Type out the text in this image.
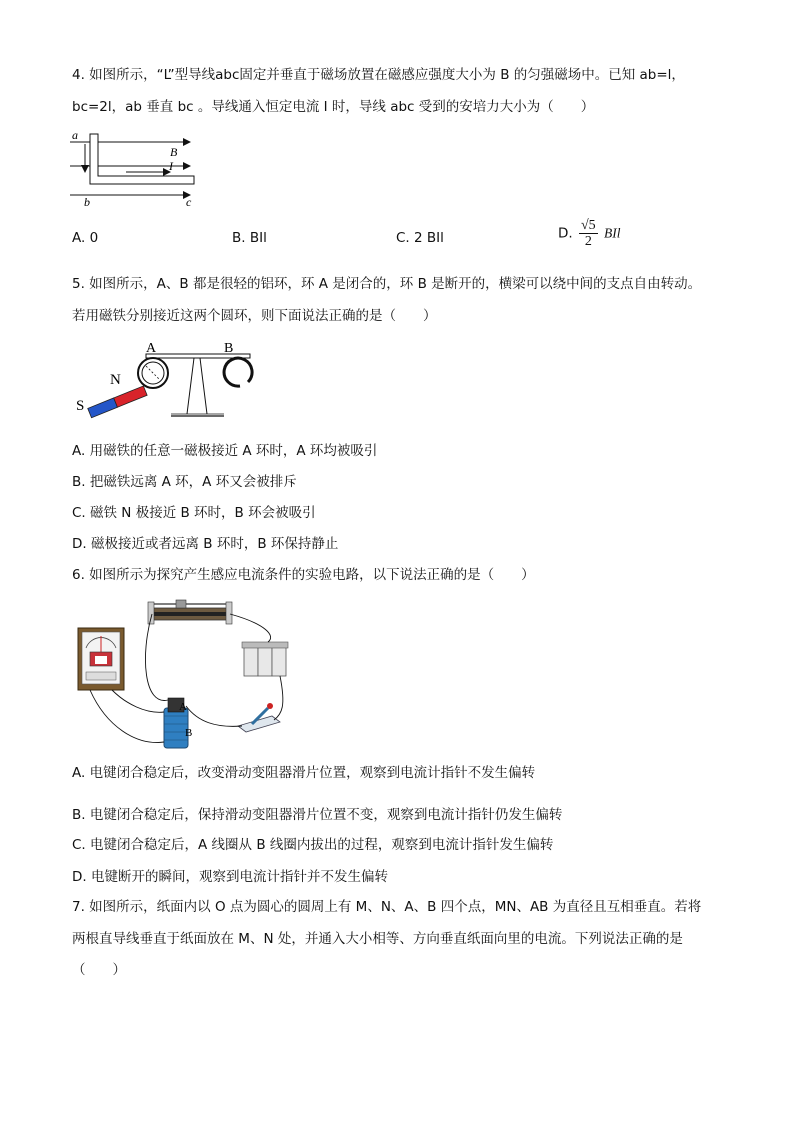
4. 如图所示，“L”型导线abc固定并垂直于磁场放置在磁感应强度大小为 B 的匀强磁场中。已知 ab=l，
bc=2l，ab 垂直 bc 。导线通入恒定电流 I 时，导线 abc 受到的安培力大小为（　　）
a
B
I
b	c
A. 0	B. BIl	C. 2 BIl	D. $\frac{√5}{2}$ BIl
5. 如图所示，A、B 都是很轻的铝环，环 A 是闭合的，环 B 是断开的，横梁可以绕中间的支点自由转动。
若用磁铁分别接近这两个圆环，则下面说法正确的是（　　）
S
N
A	B
A. 用磁铁的任意一磁极接近 A 环时，A 环均被吸引
B. 把磁铁远离 A 环，A 环又会被排斥
C. 磁铁 N 极接近 B 环时，B 环会被吸引
D. 磁极接近或者远离 B 环时，B 环保持静止
6. 如图所示为探究产生感应电流条件的实验电路，以下说法正确的是（　　）
A
B
A. 电键闭合稳定后，改变滑动变阻器滑片位置，观察到电流计指针不发生偏转
B. 电键闭合稳定后，保持滑动变阻器滑片位置不变，观察到电流计指针仍发生偏转
C. 电键闭合稳定后，A 线圈从 B 线圈内拔出的过程，观察到电流计指针发生偏转
D. 电键断开的瞬间，观察到电流计指针并不发生偏转
7. 如图所示，纸面内以 O 点为圆心的圆周上有 M、N、A、B 四个点，MN、AB 为直径且互相垂直。若将
两根直导线垂直于纸面放在 M、N 处，并通入大小相等、方向垂直纸面向里的电流。下列说法正确的是
（　　）
